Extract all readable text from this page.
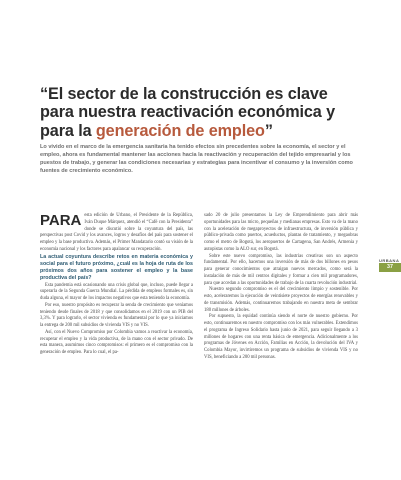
“El sector de la construcción es clave para nuestra reactivación económica y para la generación de empleo”
Lo vivido en el marco de la emergencia sanitaria ha tenido efectos sin precedentes sobre la economía, el sector y el empleo, ahora es fundamental mantener las acciones hacia la reactivación y recuperación del tejido empresarial y los puestos de trabajo, y generar las condiciones necesarias y estrategias para incentivar el consumo y la inversión como fuentes de crecimiento económico.

PARA esta edición de Urbano, el Presidente de la República, Iván Duque Márquez, atendió el “Café con la Presidenta” donde se discutió sobre la coyuntura del país, las perspectivas post Covid y los avances, logros y desafíos del país para sostener el empleo y la base productiva. Además, el Primer Mandatario contó su visión de la economía nacional y los factores para apalancar su recuperación.

La actual coyuntura describe retos en materia económica y social para el futuro próximo, ¿cuál es la hoja de ruta de los próximos dos años para sostener el empleo y la base productiva del país?

Esta pandemia está ocasionando una crisis global que, incluso, puede llegar a superarla de la Segunda Guerra Mundial. La pérdida de empleos formales es, sin duda alguna, el mayor de los impactos negativos que esta teniendo la economía.

Por eso, nuestro propósito es recuperar la senda de crecimiento que veníamos teniendo desde finales de 2018 y que consolidamos en el 2019 con un PIB del 3,3%. Y para lograrlo, el sector vivienda es fundamental por lo que ya iniciamos la entrega de 200 mil subsidios de vivienda VIS y no VIS.

Así, con el Nuevo Compromiso por Colombia vamos a reactivar la economía, recuperar el empleo y la vida productiva, de la mano con el sector privado. De esta manera, asumimos cinco compromisos: el primero es el compromiso con la generación de empleo. Para lo cual, el pa-

sado 20 de julio presentamos la Ley de Emprendimiento para abrir más oportunidades para las micro, pequeñas y medianas empresas. Esto va de la mano con la aceleración de megaproyectos de infraestructura, de inversión pública y público-privada como puertos, acueductos, plantas de tratamiento, y megaobras como el metro de Bogotá, los aeropuertos de Cartagena, San Andrés, Armenia y autopistas como la ALO sur, en Bogotá.

Sobre este nuevo compromiso, las industrias creativas son un aspecto fundamental. Por ello, hacemos una inversión de más de dos billones en pesos para generar conocimientos que atraigan nuevos mercados, como será la instalación de más de mil centros digitales y formar a cien mil programadores, para que accedan a las oportunidades de trabajo de la cuarta revolución industrial.

Nuestro segundo compromiso es el del crecimiento limpio y sostenible. Por esto, aceleraremos la ejecución de veintisiete proyectos de energías renovables y de transmisión. Además, continuaremos trabajando en nuestra meta de sembrar 180 millones de árboles.

Por supuesto, la equidad continúa siendo el norte de nuestro gobierno. Por esto, continuaremos en nuestro compromiso con los más vulnerables. Extendimos el programa de Ingreso Solidario hasta junio de 2021, para seguir llegando a 3 millones de hogares con una renta básica de emergencia. Adicionalmente a los programas de Jóvenes en Acción, Familias en Acción, la devolución del IVA y Colombia Mayor, invirtiremos un programa de subsidios de vivienda VIS y no VIS, beneficiando a 200 mil personas.

URBANA
37
